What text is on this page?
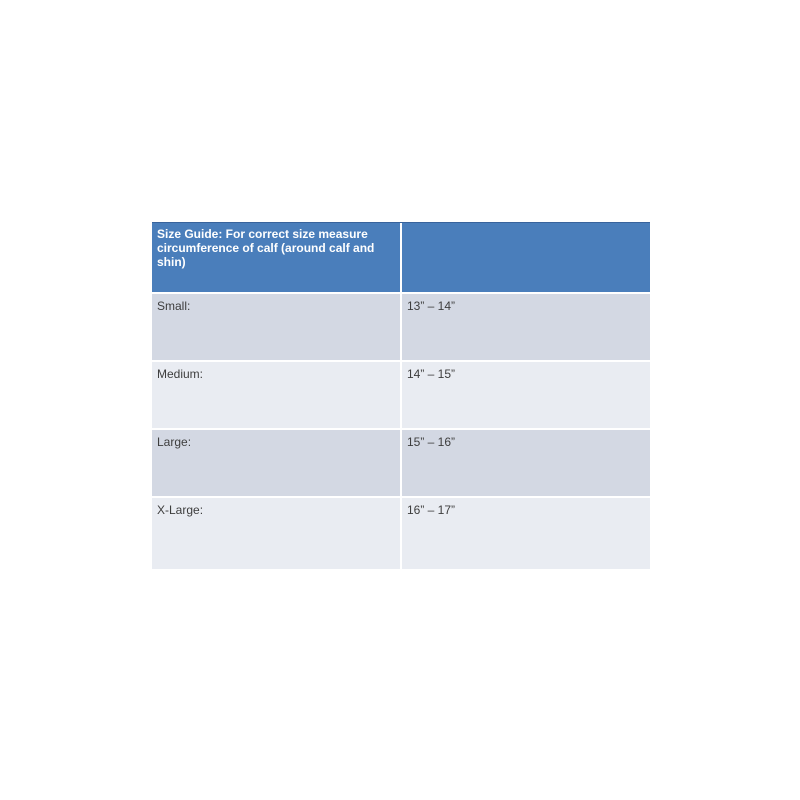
Size Guide: For correct size measure circumference of calf (around calf and shin)
Small:	13” – 14”
Medium:	14” – 15”
Large:	15” – 16”
X-Large:	16” – 17”
